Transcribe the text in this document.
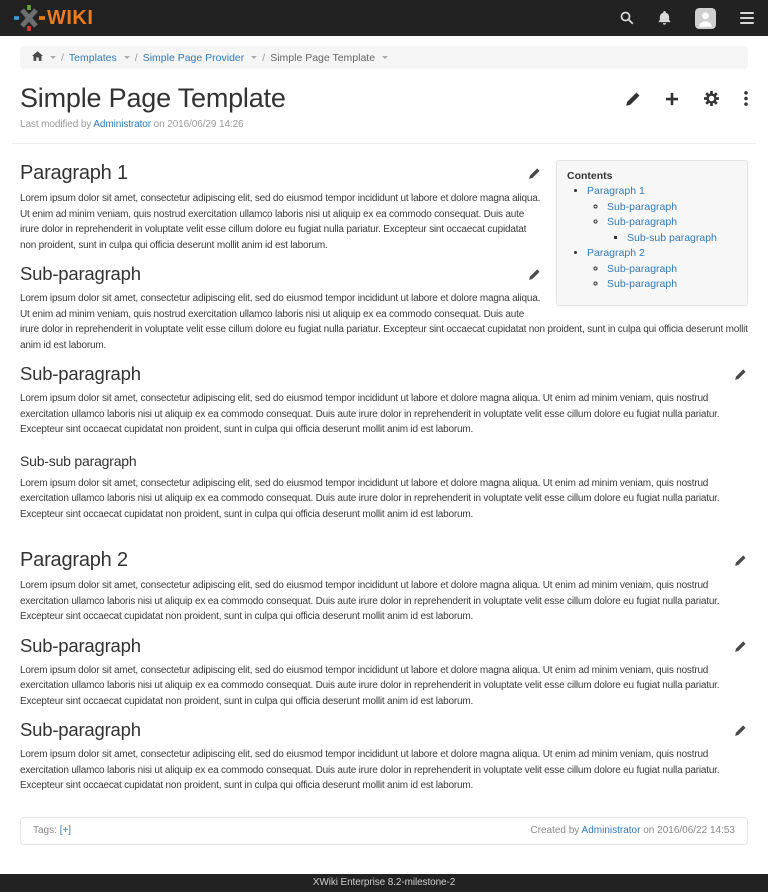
WIKI
/ Templates / Simple Page Provider / Simple Page Template
Simple Page Template

Last modified by Administrator on 2016/06/29 14:26

Contents

• Paragraph 1
◦ Sub-paragraph
◦ Sub-paragraph
▪ Sub-sub paragraph
• Paragraph 2
◦ Sub-paragraph
◦ Sub-paragraph
Paragraph 1

Lorem ipsum dolor sit amet, consectetur adipiscing elit, sed do eiusmod tempor incididunt ut labore et dolore magna aliqua. Ut enim ad minim veniam, quis nostrud exercitation ullamco laboris nisi ut aliquip ex ea commodo consequat. Duis aute irure dolor in reprehenderit in voluptate velit esse cillum dolore eu fugiat nulla pariatur. Excepteur sint occaecat cupidatat non proident, sunt in culpa qui officia deserunt mollit anim id est laborum.

Sub-paragraph

Lorem ipsum dolor sit amet, consectetur adipiscing elit, sed do eiusmod tempor incididunt ut labore et dolore magna aliqua. Ut enim ad minim veniam, quis nostrud exercitation ullamco laboris nisi ut aliquip ex ea commodo consequat. Duis aute irure dolor in reprehenderit in voluptate velit esse cillum dolore eu fugiat nulla pariatur. Excepteur sint occaecat cupidatat non proident, sunt in culpa qui officia deserunt mollit anim id est laborum.

Sub-paragraph

Lorem ipsum dolor sit amet, consectetur adipiscing elit, sed do eiusmod tempor incididunt ut labore et dolore magna aliqua. Ut enim ad minim veniam, quis nostrud exercitation ullamco laboris nisi ut aliquip ex ea commodo consequat. Duis aute irure dolor in reprehenderit in voluptate velit esse cillum dolore eu fugiat nulla pariatur. Excepteur sint occaecat cupidatat non proident, sunt in culpa qui officia deserunt mollit anim id est laborum.

Sub-sub paragraph

Lorem ipsum dolor sit amet, consectetur adipiscing elit, sed do eiusmod tempor incididunt ut labore et dolore magna aliqua. Ut enim ad minim veniam, quis nostrud exercitation ullamco laboris nisi ut aliquip ex ea commodo consequat. Duis aute irure dolor in reprehenderit in voluptate velit esse cillum dolore eu fugiat nulla pariatur. Excepteur sint occaecat cupidatat non proident, sunt in culpa qui officia deserunt mollit anim id est laborum.

Paragraph 2

Lorem ipsum dolor sit amet, consectetur adipiscing elit, sed do eiusmod tempor incididunt ut labore et dolore magna aliqua. Ut enim ad minim veniam, quis nostrud exercitation ullamco laboris nisi ut aliquip ex ea commodo consequat. Duis aute irure dolor in reprehenderit in voluptate velit esse cillum dolore eu fugiat nulla pariatur. Excepteur sint occaecat cupidatat non proident, sunt in culpa qui officia deserunt mollit anim id est laborum.

Sub-paragraph

Lorem ipsum dolor sit amet, consectetur adipiscing elit, sed do eiusmod tempor incididunt ut labore et dolore magna aliqua. Ut enim ad minim veniam, quis nostrud exercitation ullamco laboris nisi ut aliquip ex ea commodo consequat. Duis aute irure dolor in reprehenderit in voluptate velit esse cillum dolore eu fugiat nulla pariatur. Excepteur sint occaecat cupidatat non proident, sunt in culpa qui officia deserunt mollit anim id est laborum.

Sub-paragraph

Lorem ipsum dolor sit amet, consectetur adipiscing elit, sed do eiusmod tempor incididunt ut labore et dolore magna aliqua. Ut enim ad minim veniam, quis nostrud exercitation ullamco laboris nisi ut aliquip ex ea commodo consequat. Duis aute irure dolor in reprehenderit in voluptate velit esse cillum dolore eu fugiat nulla pariatur. Excepteur sint occaecat cupidatat non proident, sunt in culpa qui officia deserunt mollit anim id est laborum.

Tags: [+]	Created by Administrator on 2016/06/22 14:53
XWiki Enterprise 8.2-milestone-2
